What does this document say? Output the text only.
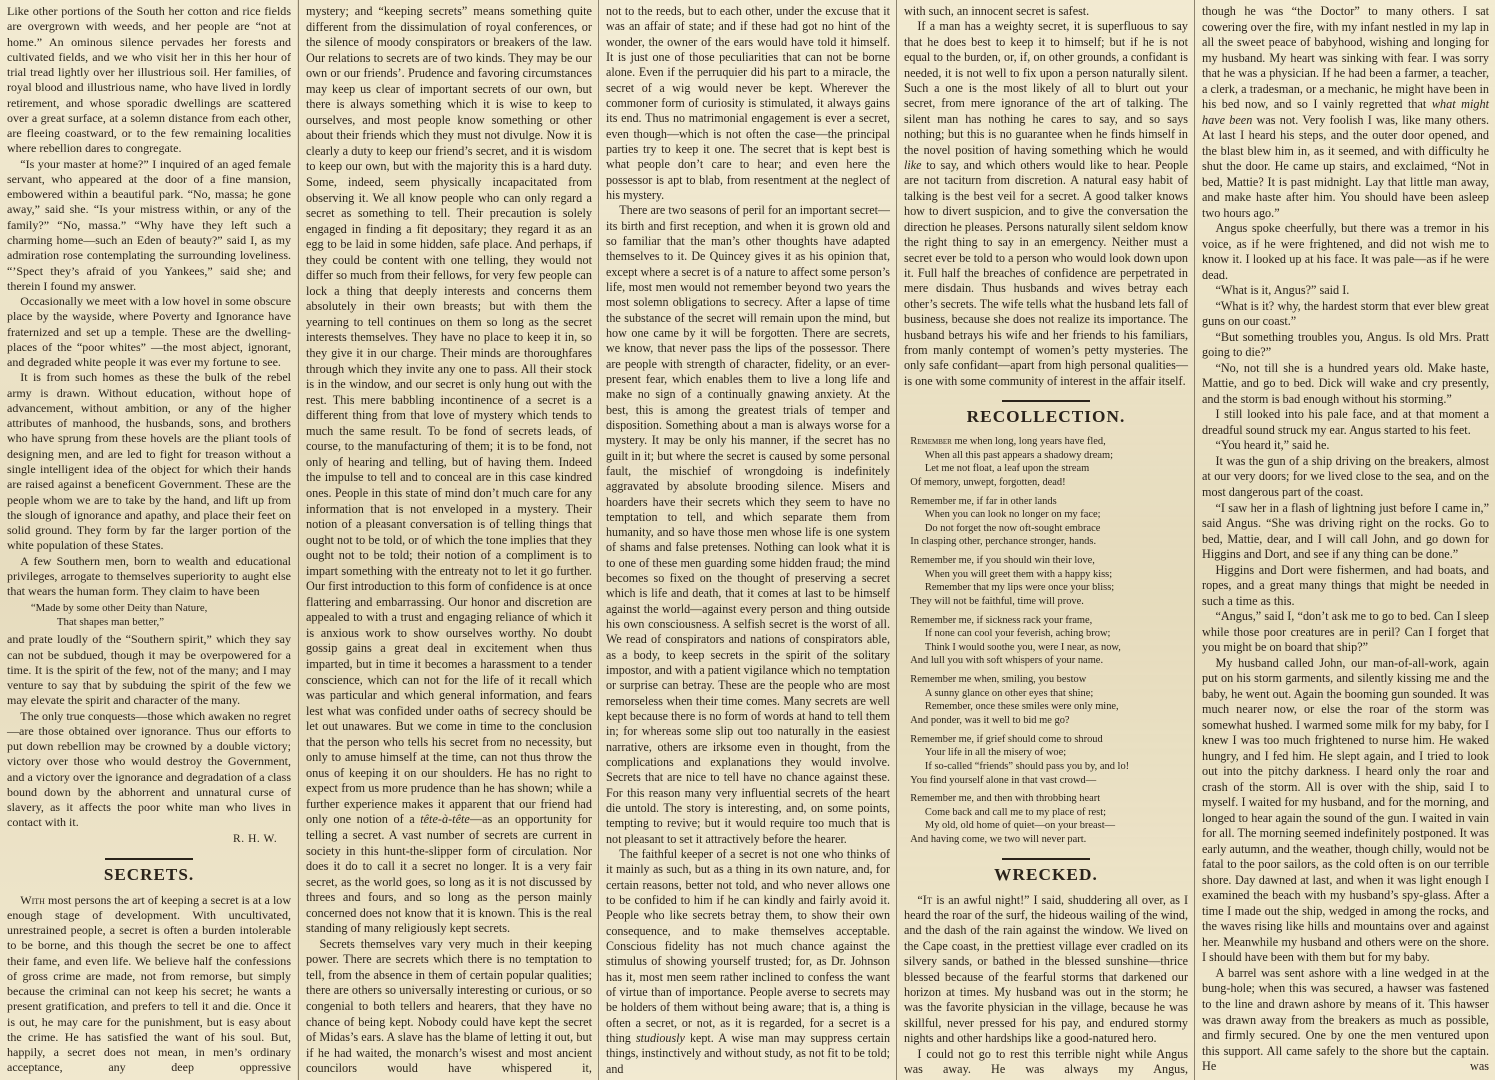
Like other portions of the South her cotton and rice fields are overgrown with weeds, and her people are “not at home.” An ominous silence pervades her forests and cultivated fields, and we who visit her in this her hour of trial tread lightly over her illustrious soil. Her families, of royal blood and illustrious name, who have lived in lordly retirement, and whose sporadic dwellings are scattered over a great surface, at a solemn distance from each other, are fleeing coastward, or to the few remaining localities where rebellion dares to congregate.

“Is your master at home?” I inquired of an aged female servant, who appeared at the door of a fine mansion, embowered within a beautiful park. “No, massa; he gone away,” said she. “Is your mistress within, or any of the family?” “No, massa.” “Why have they left such a charming home—such an Eden of beauty?” said I, as my admiration rose contemplating the surrounding loveliness. “’Spect they’s afraid of you Yankees,” said she; and therein I found my answer.

Occasionally we meet with a low hovel in some obscure place by the wayside, where Poverty and Ignorance have fraternized and set up a temple. These are the dwelling-places of the “poor whites” —the most abject, ignorant, and degraded white people it was ever my fortune to see.

It is from such homes as these the bulk of the rebel army is drawn. Without education, without hope of advancement, without ambition, or any of the higher attributes of manhood, the husbands, sons, and brothers who have sprung from these hovels are the pliant tools of designing men, and are led to fight for treason without a single intelligent idea of the object for which their hands are raised against a beneficent Government. These are the people whom we are to take by the hand, and lift up from the slough of ignorance and apathy, and place their feet on solid ground. They form by far the larger portion of the white population of these States.

A few Southern men, born to wealth and educational privileges, arrogate to themselves superiority to aught else that wears the human form. They claim to have been

“Made by some other Deity than Nature,
That shapes man better,”

and prate loudly of the “Southern spirit,” which they say can not be subdued, though it may be overpowered for a time. It is the spirit of the few, not of the many; and I may venture to say that by subduing the spirit of the few we may elevate the spirit and character of the many.

The only true conquests—those which awaken no regret—are those obtained over ignorance. Thus our efforts to put down rebellion may be crowned by a double victory; victory over those who would destroy the Government, and a victory over the ignorance and degradation of a class bound down by the abhorrent and unnatural curse of slavery, as it affects the poor white man who lives in contact with it.

R. H. W.
SECRETS.

With most persons the art of keeping a secret is at a low enough stage of development. With uncultivated, unrestrained people, a secret is often a burden intolerable to be borne, and this though the secret be one to affect their fame, and even life. We believe half the confessions of gross crime are made, not from remorse, but simply because the criminal can not keep his secret; he wants a present gratification, and prefers to tell it and die. Once it is out, he may care for the punishment, but is easy about the crime. He has satisfied the want of his soul. But, happily, a secret does not mean, in men’s ordinary acceptance, any deep oppressive

mystery; and “keeping secrets” means something quite different from the dissimulation of royal conferences, or the silence of moody conspirators or breakers of the law. Our relations to secrets are of two kinds. They may be our own or our friends’. Prudence and favoring circumstances may keep us clear of important secrets of our own, but there is always something which it is wise to keep to ourselves, and most people know something or other about their friends which they must not divulge. Now it is clearly a duty to keep our friend’s secret, and it is wisdom to keep our own, but with the majority this is a hard duty. Some, indeed, seem physically incapacitated from observing it. We all know people who can only regard a secret as something to tell. Their precaution is solely engaged in finding a fit depositary; they regard it as an egg to be laid in some hidden, safe place. And perhaps, if they could be content with one telling, they would not differ so much from their fellows, for very few people can lock a thing that deeply interests and concerns them absolutely in their own breasts; but with them the yearning to tell continues on them so long as the secret interests themselves. They have no place to keep it in, so they give it in our charge. Their minds are thoroughfares through which they invite any one to pass. All their stock is in the window, and our secret is only hung out with the rest. This mere babbling incontinence of a secret is a different thing from that love of mystery which tends to much the same result. To be fond of secrets leads, of course, to the manufacturing of them; it is to be fond, not only of hearing and telling, but of having them. Indeed the impulse to tell and to conceal are in this case kindred ones. People in this state of mind don’t much care for any information that is not enveloped in a mystery. Their notion of a pleasant conversation is of telling things that ought not to be told, or of which the tone implies that they ought not to be told; their notion of a compliment is to impart something with the entreaty not to let it go further. Our first introduction to this form of confidence is at once flattering and embarrassing. Our honor and discretion are appealed to with a trust and engaging reliance of which it is anxious work to show ourselves worthy. No doubt gossip gains a great deal in excitement when thus imparted, but in time it becomes a harassment to a tender conscience, which can not for the life of it recall which was particular and which general information, and fears lest what was confided under oaths of secrecy should be let out unawares. But we come in time to the conclusion that the person who tells his secret from no necessity, but only to amuse himself at the time, can not thus throw the onus of keeping it on our shoulders. He has no right to expect from us more prudence than he has shown; while a further experience makes it apparent that our friend had only one notion of a tête-à-tête—as an opportunity for telling a secret. A vast number of secrets are current in society in this hunt-the-slipper form of circulation. Nor does it do to call it a secret no longer. It is a very fair secret, as the world goes, so long as it is not discussed by threes and fours, and so long as the person mainly concerned does not know that it is known. This is the real standing of many religiously kept secrets.

Secrets themselves vary very much in their keeping power. There are secrets which there is no temptation to tell, from the absence in them of certain popular qualities; there are others so universally interesting or curious, or so congenial to both tellers and hearers, that they have no chance of being kept. Nobody could have kept the secret of Midas’s ears. A slave has the blame of letting it out, but if he had waited, the monarch’s wisest and most ancient councilors would have whispered it,

not to the reeds, but to each other, under the excuse that it was an affair of state; and if these had got no hint of the wonder, the owner of the ears would have told it himself. It is just one of those peculiarities that can not be borne alone. Even if the perruquier did his part to a miracle, the secret of a wig would never be kept. Wherever the commoner form of curiosity is stimulated, it always gains its end. Thus no matrimonial engagement is ever a secret, even though—which is not often the case—the principal parties try to keep it one. The secret that is kept best is what people don’t care to hear; and even here the possessor is apt to blab, from resentment at the neglect of his mystery.

There are two seasons of peril for an important secret—its birth and first reception, and when it is grown old and so familiar that the man’s other thoughts have adapted themselves to it. De Quincey gives it as his opinion that, except where a secret is of a nature to affect some person’s life, most men would not remember beyond two years the most solemn obligations to secrecy. After a lapse of time the substance of the secret will remain upon the mind, but how one came by it will be forgotten. There are secrets, we know, that never pass the lips of the possessor. There are people with strength of character, fidelity, or an ever-present fear, which enables them to live a long life and make no sign of a continually gnawing anxiety. At the best, this is among the greatest trials of temper and disposition. Something about a man is always worse for a mystery. It may be only his manner, if the secret has no guilt in it; but where the secret is caused by some personal fault, the mischief of wrongdoing is indefinitely aggravated by absolute brooding silence. Misers and hoarders have their secrets which they seem to have no temptation to tell, and which separate them from humanity, and so have those men whose life is one system of shams and false pretenses. Nothing can look what it is to one of these men guarding some hidden fraud; the mind becomes so fixed on the thought of preserving a secret which is life and death, that it comes at last to be himself against the world—against every person and thing outside his own consciousness. A selfish secret is the worst of all. We read of conspirators and nations of conspirators able, as a body, to keep secrets in the spirit of the solitary impostor, and with a patient vigilance which no temptation or surprise can betray. These are the people who are most remorseless when their time comes. Many secrets are well kept because there is no form of words at hand to tell them in; for whereas some slip out too naturally in the easiest narrative, others are irksome even in thought, from the complications and explanations they would involve. Secrets that are nice to tell have no chance against these. For this reason many very influential secrets of the heart die untold. The story is interesting, and, on some points, tempting to revive; but it would require too much that is not pleasant to set it attractively before the hearer.

The faithful keeper of a secret is not one who thinks of it mainly as such, but as a thing in its own nature, and, for certain reasons, better not told, and who never allows one to be confided to him if he can kindly and fairly avoid it. People who like secrets betray them, to show their own consequence, and to make themselves acceptable. Conscious fidelity has not much chance against the stimulus of showing yourself trusted; for, as Dr. Johnson has it, most men seem rather inclined to confess the want of virtue than of importance. People averse to secrets may be holders of them without being aware; that is, a thing is often a secret, or not, as it is regarded, for a secret is a thing studiously kept. A wise man may suppress certain things, instinctively and without study, as not fit to be told; and

with such, an innocent secret is safest.

If a man has a weighty secret, it is superfluous to say that he does best to keep it to himself; but if he is not equal to the burden, or, if, on other grounds, a confidant is needed, it is not well to fix upon a person naturally silent. Such a one is the most likely of all to blurt out your secret, from mere ignorance of the art of talking. The silent man has nothing he cares to say, and so says nothing; but this is no guarantee when he finds himself in the novel position of having something which he would like to say, and which others would like to hear. People are not taciturn from discretion. A natural easy habit of talking is the best veil for a secret. A good talker knows how to divert suspicion, and to give the conversation the direction he pleases. Persons naturally silent seldom know the right thing to say in an emergency. Neither must a secret ever be told to a person who would look down upon it. Full half the breaches of confidence are perpetrated in mere disdain. Thus husbands and wives betray each other’s secrets. The wife tells what the husband lets fall of business, because she does not realize its importance. The husband betrays his wife and her friends to his familiars, from manly contempt of women’s petty mysteries. The only safe confidant—apart from high personal qualities—is one with some community of interest in the affair itself.

RECOLLECTION.
Remember me when long, long years have fled,
When all this past appears a shadowy dream;
Let me not float, a leaf upon the stream
Of memory, unwept, forgotten, dead!
Remember me, if far in other lands
When you can look no longer on my face;
Do not forget the now oft-sought embrace
In clasping other, perchance stronger, hands.
Remember me, if you should win their love,
When you will greet them with a happy kiss;
Remember that my lips were once your bliss;
They will not be faithful, time will prove.
Remember me, if sickness rack your frame,
If none can cool your feverish, aching brow;
Think I would soothe you, were I near, as now,
And lull you with soft whispers of your name.
Remember me when, smiling, you bestow
A sunny glance on other eyes that shine;
Remember, once these smiles were only mine,
And ponder, was it well to bid me go?
Remember me, if grief should come to shroud
Your life in all the misery of woe;
If so-called “friends” should pass you by, and lo!
You find yourself alone in that vast crowd—
Remember me, and then with throbbing heart
Come back and call me to my place of rest;
My old, old home of quiet—on your breast—
And having come, we two will never part.
WRECKED.

“It is an awful night!” I said, shuddering all over, as I heard the roar of the surf, the hideous wailing of the wind, and the dash of the rain against the window. We lived on the Cape coast, in the prettiest village ever cradled on its silvery sands, or bathed in the blessed sunshine—thrice blessed because of the fearful storms that darkened our horizon at times. My husband was out in the storm; he was the favorite physician in the village, because he was skillful, never pressed for his pay, and endured stormy nights and other hardships like a good-natured hero.

I could not go to rest this terrible night while Angus was away. He was always my Angus,

though he was “the Doctor” to many others. I sat cowering over the fire, with my infant nestled in my lap in all the sweet peace of babyhood, wishing and longing for my husband. My heart was sinking with fear. I was sorry that he was a physician. If he had been a farmer, a teacher, a clerk, a tradesman, or a mechanic, he might have been in his bed now, and so I vainly regretted that what might have been was not. Very foolish I was, like many others. At last I heard his steps, and the outer door opened, and the blast blew him in, as it seemed, and with difficulty he shut the door. He came up stairs, and exclaimed, “Not in bed, Mattie? It is past midnight. Lay that little man away, and make haste after him. You should have been asleep two hours ago.”

Angus spoke cheerfully, but there was a tremor in his voice, as if he were frightened, and did not wish me to know it. I looked up at his face. It was pale—as if he were dead.

“What is it, Angus?” said I.

“What is it? why, the hardest storm that ever blew great guns on our coast.”

“But something troubles you, Angus. Is old Mrs. Pratt going to die?”

“No, not till she is a hundred years old. Make haste, Mattie, and go to bed. Dick will wake and cry presently, and the storm is bad enough without his storming.”

I still looked into his pale face, and at that moment a dreadful sound struck my ear. Angus started to his feet.

“You heard it,” said he.

It was the gun of a ship driving on the breakers, almost at our very doors; for we lived close to the sea, and on the most dangerous part of the coast.

“I saw her in a flash of lightning just before I came in,” said Angus. “She was driving right on the rocks. Go to bed, Mattie, dear, and I will call John, and go down for Higgins and Dort, and see if any thing can be done.”

Higgins and Dort were fishermen, and had boats, and ropes, and a great many things that might be needed in such a time as this.

“Angus,” said I, “don’t ask me to go to bed. Can I sleep while those poor creatures are in peril? Can I forget that you might be on board that ship?”

My husband called John, our man-of-all-work, again put on his storm garments, and silently kissing me and the baby, he went out. Again the booming gun sounded. It was much nearer now, or else the roar of the storm was somewhat hushed. I warmed some milk for my baby, for I knew I was too much frightened to nurse him. He waked hungry, and I fed him. He slept again, and I tried to look out into the pitchy darkness. I heard only the roar and crash of the storm. All is over with the ship, said I to myself. I waited for my husband, and for the morning, and longed to hear again the sound of the gun. I waited in vain for all. The morning seemed indefinitely postponed. It was early autumn, and the weather, though chilly, would not be fatal to the poor sailors, as the cold often is on our terrible shore. Day dawned at last, and when it was light enough I examined the beach with my husband’s spy-glass. After a time I made out the ship, wedged in among the rocks, and the waves rising like hills and mountains over and against her. Meanwhile my husband and others were on the shore. I should have been with them but for my baby.

A barrel was sent ashore with a line wedged in at the bung-hole; when this was secured, a hawser was fastened to the line and drawn ashore by means of it. This hawser was drawn away from the breakers as much as possible, and firmly secured. One by one the men ventured upon this support. All came safely to the shore but the captain. He was
